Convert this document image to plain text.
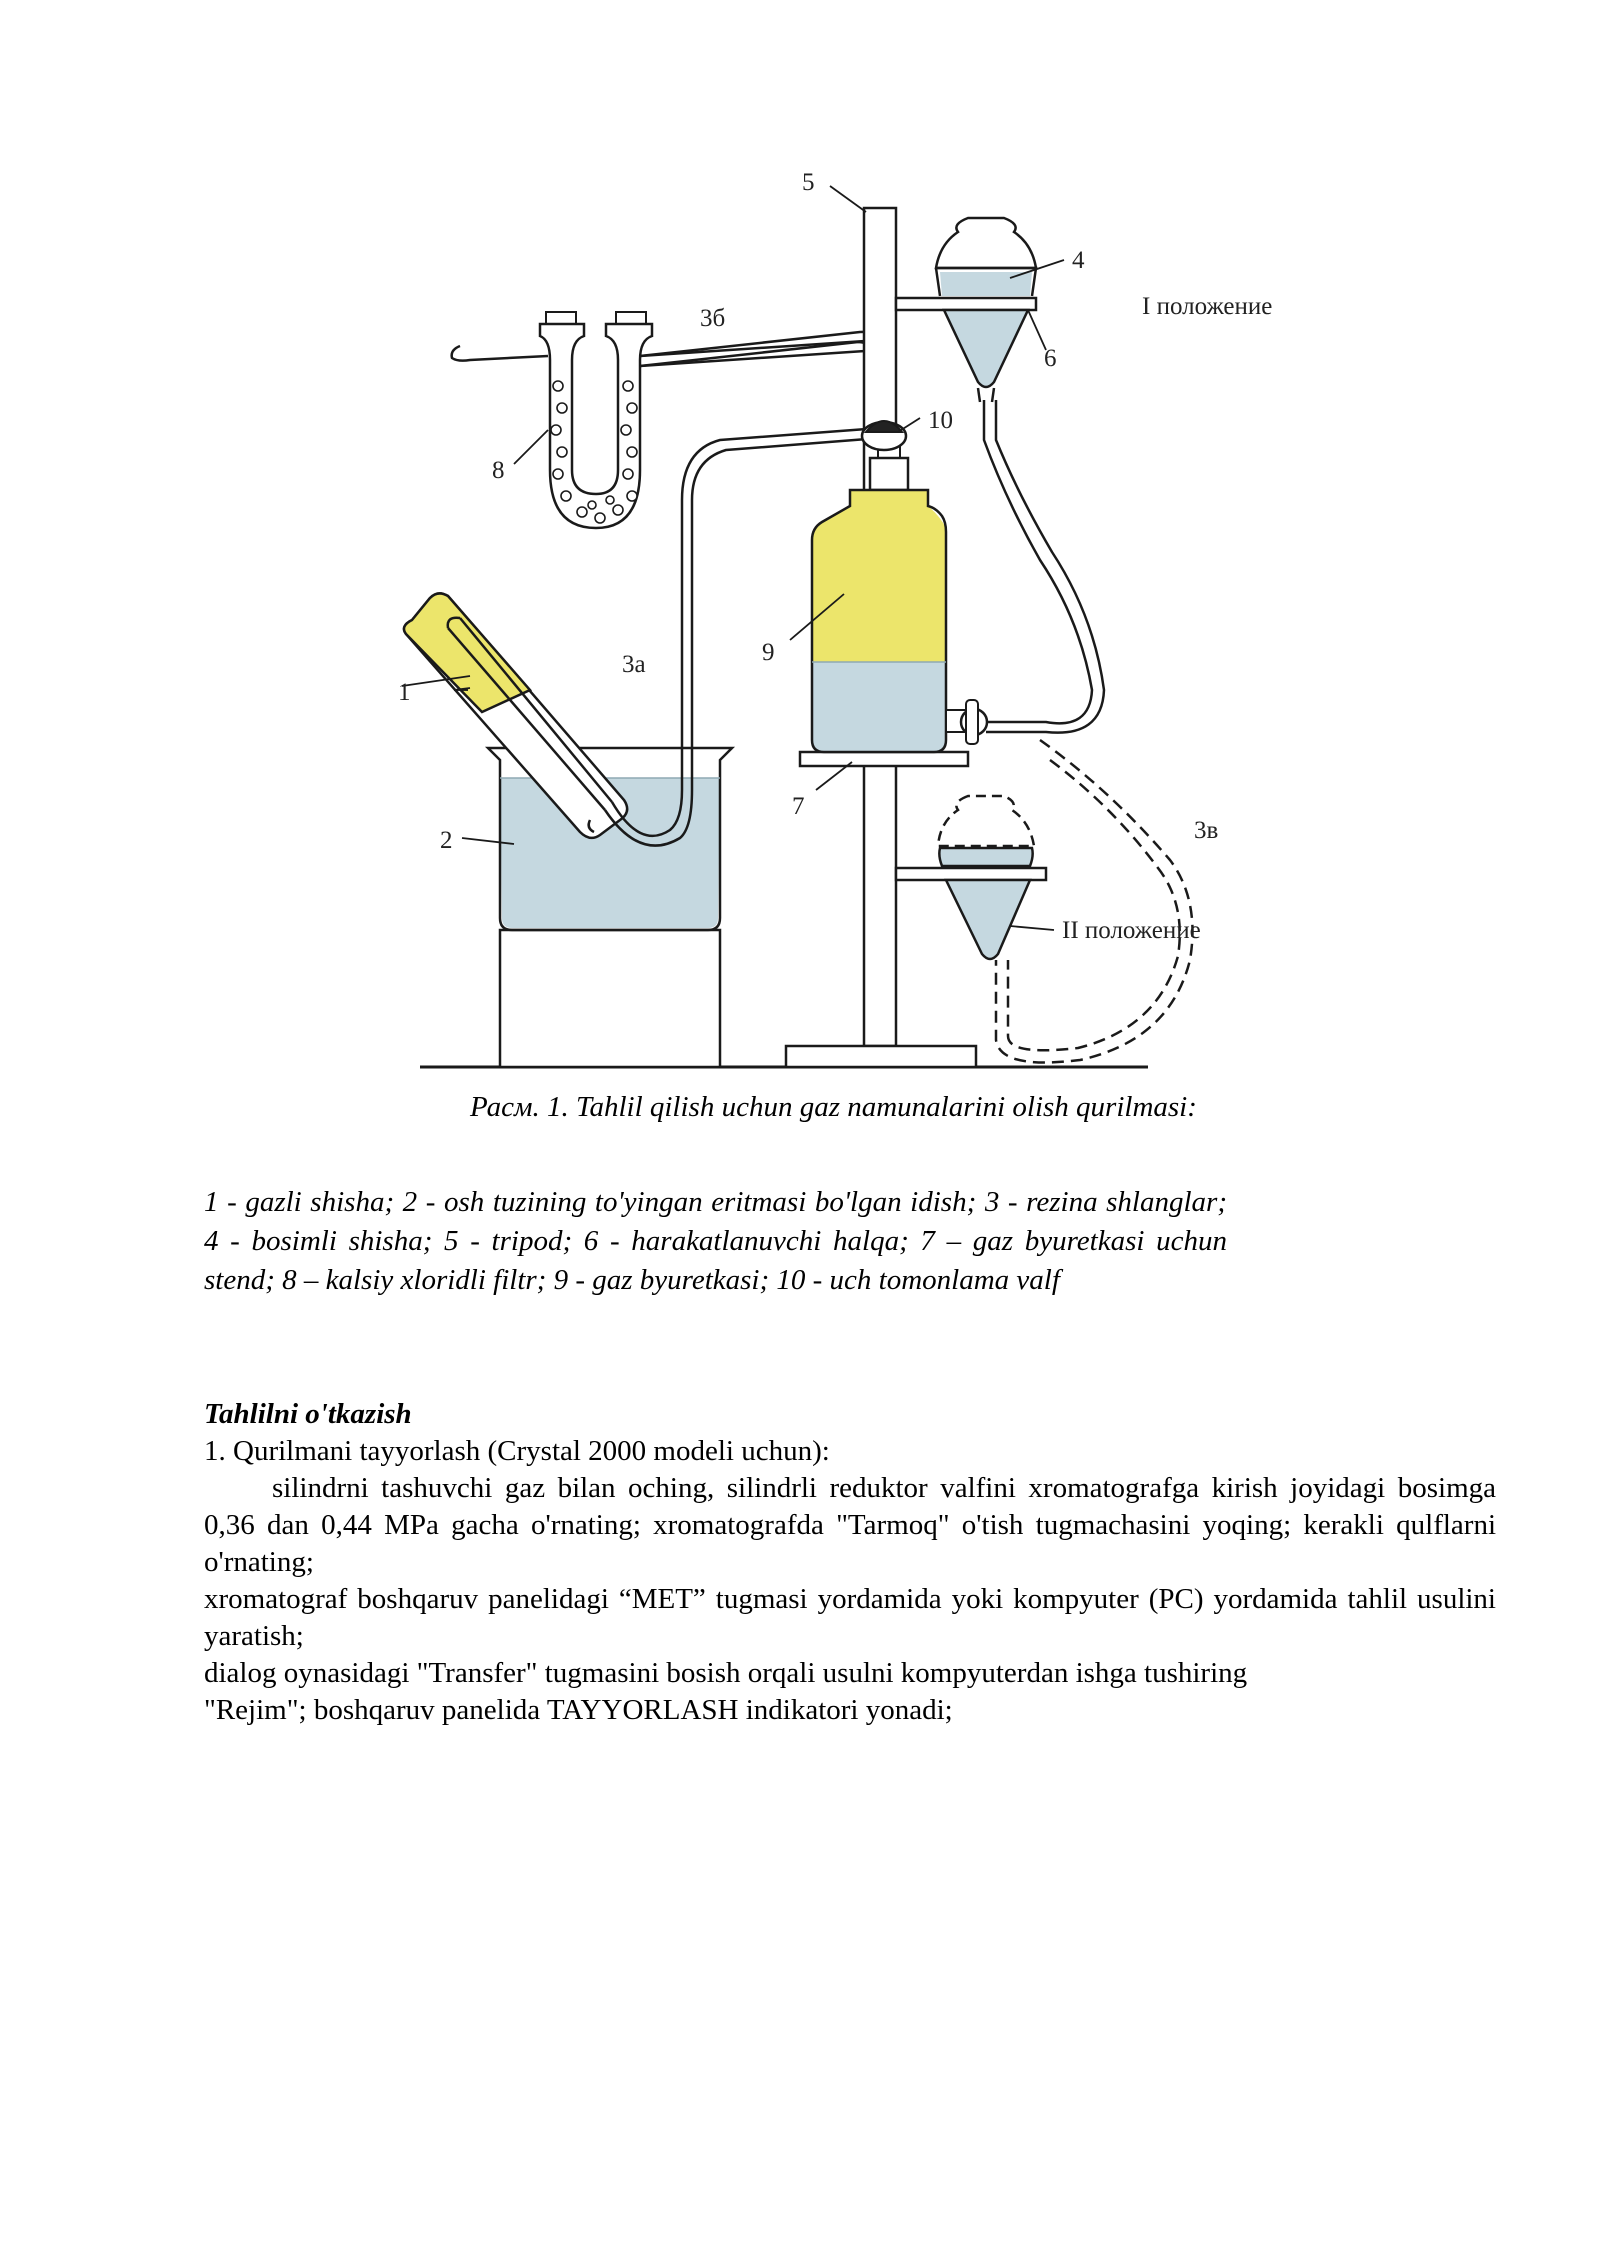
1
2
3а
3б
3в
4
5
6
7
8
9
10
I положение
II положение
Расм. 1. Tahlil qilish uchun gaz namunalarini olish qurilmasi:
1 - gazli shisha; 2 - osh tuzining to'yingan eritmasi bo'lgan idish; 3 - rezina shlanglar; 4 - bosimli shisha; 5 - tripod; 6 - harakatlanuvchi halqa; 7 – gaz byuretkasi uchun stend; 8 – kalsiy xloridli filtr; 9 - gaz byuretkasi; 10 - uch tomonlama valf
Tahlilni o'tkazish

1. Qurilmani tayyorlash (Crystal 2000 modeli uchun):

silindrni tashuvchi gaz bilan oching, silindrli reduktor valfini xromatografga kirish joyidagi bosimga 0,36 dan 0,44 MPa gacha o'rnating; xromatografda "Tarmoq" o'tish tugmachasini yoqing; kerakli qulflarni o'rnating;

xromatograf boshqaruv panelidagi “MET” tugmasi yordamida yoki kompyuter (PC) yordamida tahlil usulini yaratish;

dialog oynasidagi "Transfer" tugmasini bosish orqali usulni kompyuterdan ishga tushiring

"Rejim"; boshqaruv panelida TAYYORLASH indikatori yonadi;
